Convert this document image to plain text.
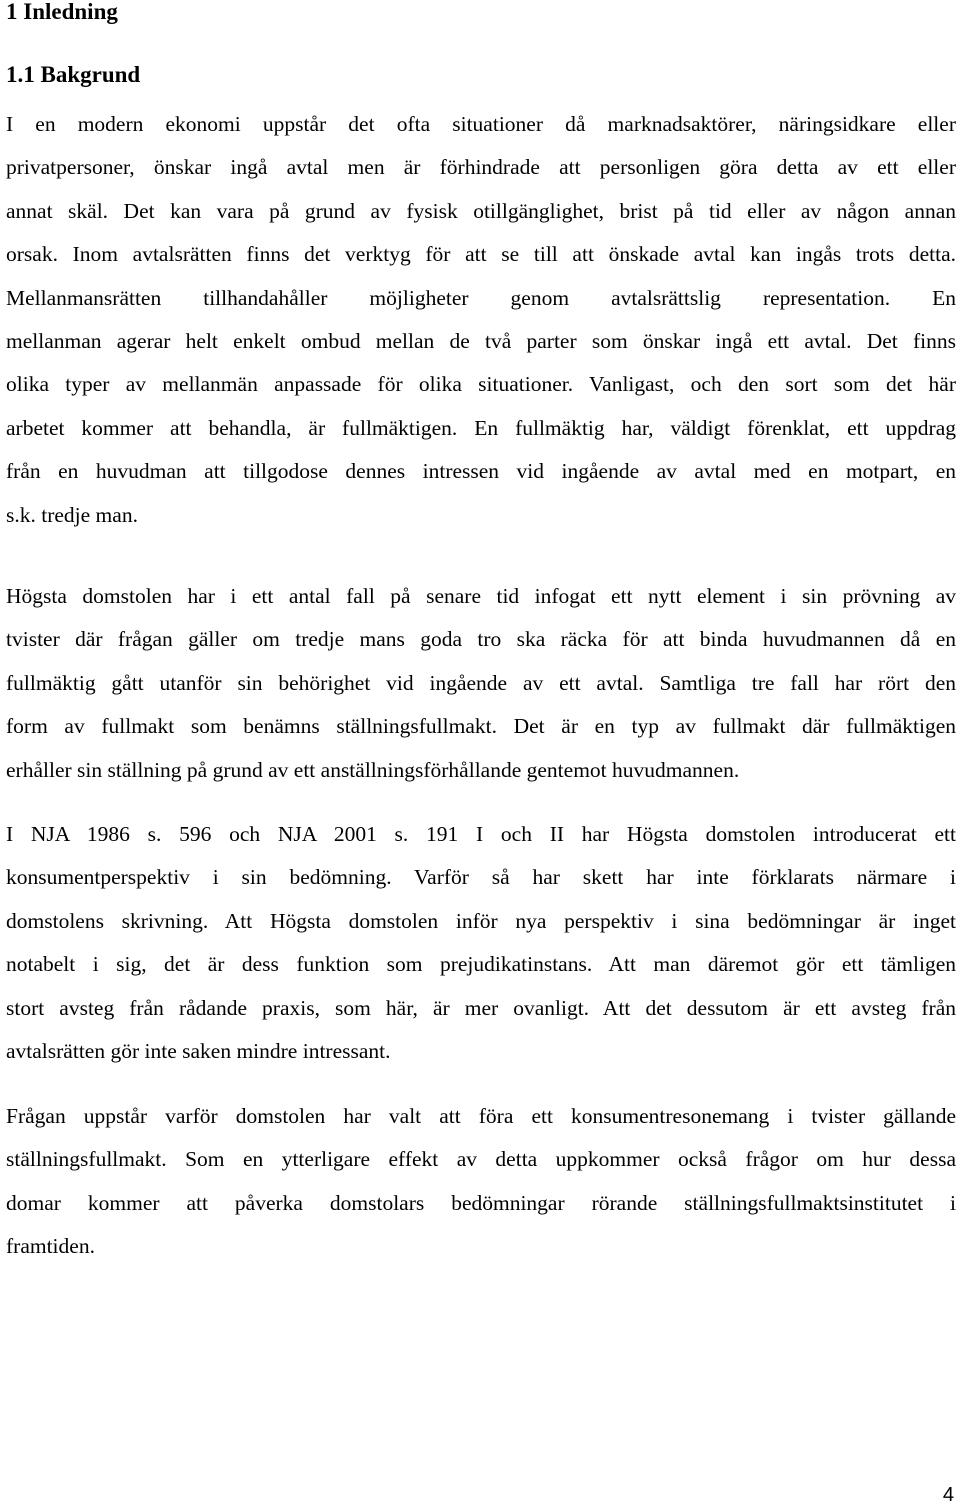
1 Inledning
1.1 Bakgrund
I en modern ekonomi uppstår det ofta situationer då marknadsaktörer, näringsidkare eller
privatpersoner, önskar ingå avtal men är förhindrade att personligen göra detta av ett eller
annat skäl. Det kan vara på grund av fysisk otillgänglighet, brist på tid eller av någon annan
orsak. Inom avtalsrätten finns det verktyg för att se till att önskade avtal kan ingås trots detta.
Mellanmansrätten tillhandahåller möjligheter genom avtalsrättslig representation. En
mellanman agerar helt enkelt ombud mellan de två parter som önskar ingå ett avtal. Det finns
olika typer av mellanmän anpassade för olika situationer. Vanligast, och den sort som det här
arbetet kommer att behandla, är fullmäktigen. En fullmäktig har, väldigt förenklat, ett uppdrag
från en huvudman att tillgodose dennes intressen vid ingående av avtal med en motpart, en
s.k. tredje man.
Högsta domstolen har i ett antal fall på senare tid infogat ett nytt element i sin prövning av
tvister där frågan gäller om tredje mans goda tro ska räcka för att binda huvudmannen då en
fullmäktig gått utanför sin behörighet vid ingående av ett avtal. Samtliga tre fall har rört den
form av fullmakt som benämns ställningsfullmakt. Det är en typ av fullmakt där fullmäktigen
erhåller sin ställning på grund av ett anställningsförhållande gentemot huvudmannen.
I NJA 1986 s. 596 och NJA 2001 s. 191 I och II har Högsta domstolen introducerat ett
konsumentperspektiv i sin bedömning. Varför så har skett har inte förklarats närmare i
domstolens skrivning. Att Högsta domstolen inför nya perspektiv i sina bedömningar är inget
notabelt i sig, det är dess funktion som prejudikatinstans. Att man däremot gör ett tämligen
stort avsteg från rådande praxis, som här, är mer ovanligt. Att det dessutom är ett avsteg från
avtalsrätten gör inte saken mindre intressant.
Frågan uppstår varför domstolen har valt att föra ett konsumentresonemang i tvister gällande
ställningsfullmakt. Som en ytterligare effekt av detta uppkommer också frågor om hur dessa
domar kommer att påverka domstolars bedömningar rörande ställningsfullmaktsinstitutet i
framtiden.
4
